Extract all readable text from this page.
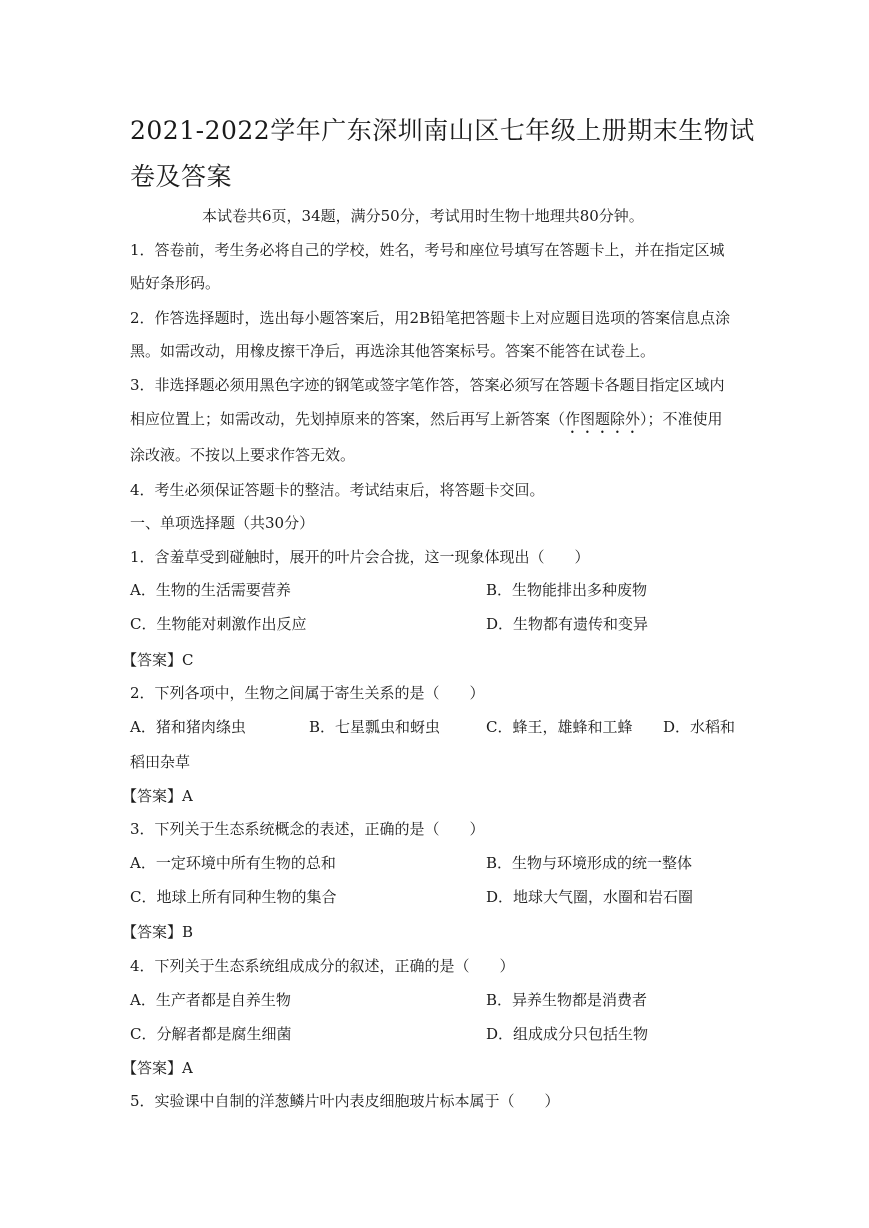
2021-2022学年广东深圳南山区七年级上册期末生物试卷及答案
本试卷共6页，34题，满分50分，考试用时生物十地理共80分钟。
1．答卷前，考生务必将自己的学校，姓名，考号和座位号填写在答题卡上，并在指定区城
贴好条形码。
2．作答选择题时，选出每小题答案后，用2B铅笔把答题卡上对应题目选项的答案信息点涂
黑。如需改动，用橡皮擦干净后，再选涂其他答案标号。答案不能答在试卷上。
3．非选择题必须用黑色字迹的钢笔或签字笔作答，答案必须写在答题卡各题目指定区域内
相应位置上；如需改动，先划掉原来的答案，然后再写上新答案（作图题除外）；不准使用
涂改液。不按以上要求作答无效。
4．考生必须保证答题卡的整洁。考试结束后，将答题卡交回。
一、单项选择题（共30分）
1．含羞草受到碰触时，展开的叶片会合拢，这一现象体现出（　　）
A．生物的生活需要营养	B．生物能排出多种废物
C．生物能对刺激作出反应	D．生物都有遗传和变异
【答案】C
2．下列各项中，生物之间属于寄生关系的是（　　）
A．猪和猪肉绦虫	B．七星瓢虫和蚜虫	C．蜂王，雄蜂和工蜂 D．水稻和
稻田杂草
【答案】A
3．下列关于生态系统概念的表述，正确的是（　　）
A．一定环境中所有生物的总和	B．生物与环境形成的统一整体
C．地球上所有同种生物的集合	D．地球大气圈，水圈和岩石圈
【答案】B
4．下列关于生态系统组成成分的叙述，正确的是（　　）
A．生产者都是自养生物	B．异养生物都是消费者
C．分解者都是腐生细菌	D．组成成分只包括生物
【答案】A
5．实验课中自制的洋葱鳞片叶内表皮细胞玻片标本属于（　　）
